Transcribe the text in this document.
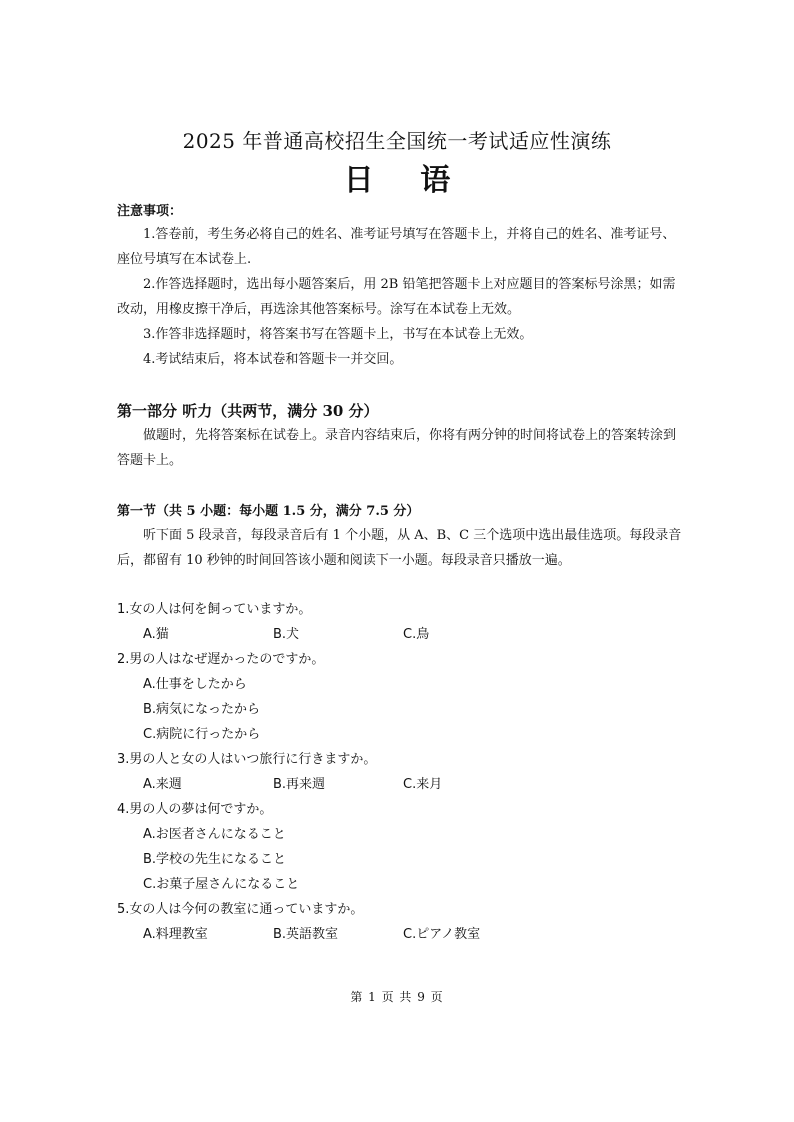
2025 年普通高校招生全国统一考试适应性演练
日 语
注意事项：

1.答卷前，考生务必将自己的姓名、准考证号填写在答题卡上，并将自己的姓名、准考证号、座位号填写在本试卷上.

2.作答选择题时，选出每小题答案后，用 2B 铅笔把答题卡上对应题目的答案标号涂黑；如需改动，用橡皮擦干净后，再选涂其他答案标号。涂写在本试卷上无效。

3.作答非选择题时，将答案书写在答题卡上，书写在本试卷上无效。

4.考试结束后，将本试卷和答题卡一并交回。

第一部分 听力（共两节，满分 30 分）

做题时，先将答案标在试卷上。录音内容结束后，你将有两分钟的时间将试卷上的答案转涂到答题卡上。

第一节（共 5 小题：每小题 1.5 分，满分 7.5 分）

听下面 5 段录音，每段录音后有 1 个小题，从 A、B、C 三个选项中选出最佳选项。每段录音后，都留有 10 秒钟的时间回答该小题和阅读下一小题。每段录音只播放一遍。

1.女の人は何を飼っていますか。
A.猫	B.犬	C.鳥
2.男の人はなぜ遅かったのですか。
A.仕事をしたから
B.病気になったから
C.病院に行ったから
3.男の人と女の人はいつ旅行に行きますか。
A.来週	B.再来週	C.来月
4.男の人の夢は何ですか。
A.お医者さんになること
B.学校の先生になること
C.お菓子屋さんになること
5.女の人は今何の教室に通っていますか。
A.料理教室	B.英語教室	C.ピアノ教室
第 1 页 共 9 页
